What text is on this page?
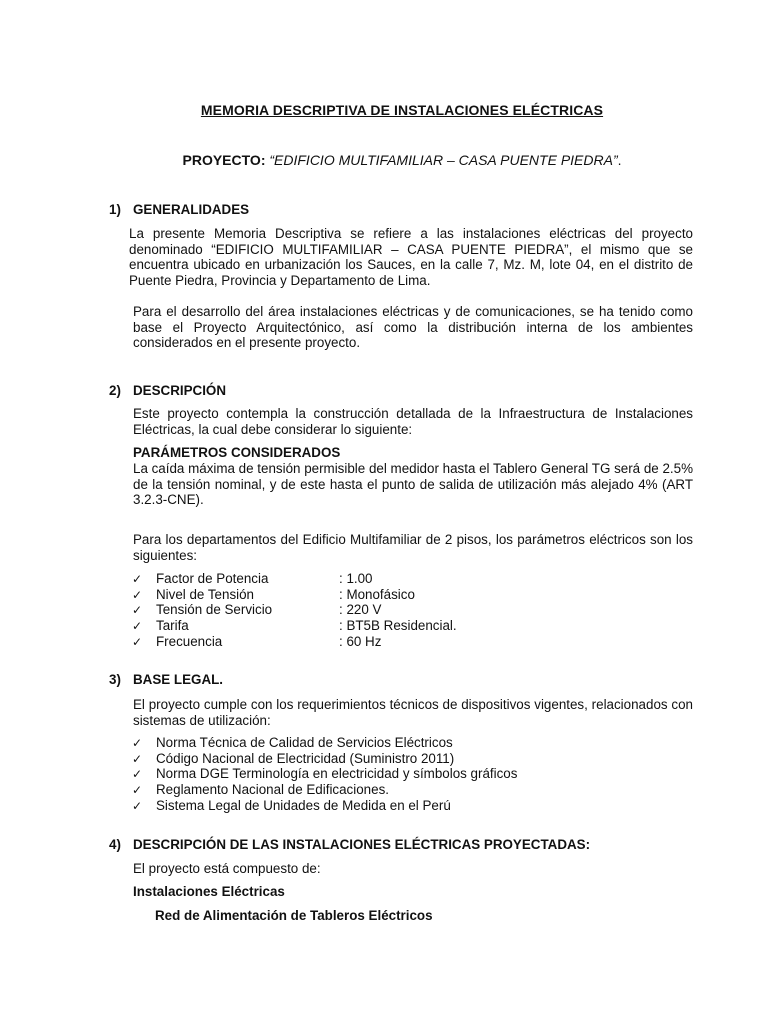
MEMORIA DESCRIPTIVA DE INSTALACIONES ELÉCTRICAS
PROYECTO: “EDIFICIO MULTIFAMILIAR – CASA PUENTE PIEDRA”.
1) GENERALIDADES
La presente Memoria Descriptiva se refiere a las instalaciones eléctricas del proyecto denominado “EDIFICIO MULTIFAMILIAR – CASA PUENTE PIEDRA”, el mismo que se encuentra ubicado en urbanización los Sauces, en la calle 7, Mz. M, lote 04, en el distrito de Puente Piedra, Provincia y Departamento de Lima.
Para el desarrollo del área instalaciones eléctricas y de comunicaciones, se ha tenido como base el Proyecto Arquitectónico, así como la distribución interna de los ambientes considerados en el presente proyecto.
2) DESCRIPCIÓN
Este proyecto contempla la construcción detallada de la Infraestructura de Instalaciones Eléctricas, la cual debe considerar lo siguiente:
PARÁMETROS CONSIDERADOS
La caída máxima de tensión permisible del medidor hasta el Tablero General TG será de 2.5% de la tensión nominal, y de este hasta el punto de salida de utilización más alejado 4% (ART 3.2.3-CNE).
Para los departamentos del Edificio Multifamiliar de 2 pisos, los parámetros eléctricos son los siguientes:
✓ Factor de Potencia	: 1.00
✓ Nivel de Tensión	: Monofásico
✓ Tensión de Servicio	: 220 V
✓ Tarifa	: BT5B Residencial.
✓ Frecuencia	: 60 Hz
3) BASE LEGAL.
El proyecto cumple con los requerimientos técnicos de dispositivos vigentes, relacionados con sistemas de utilización:
✓ Norma Técnica de Calidad de Servicios Eléctricos
✓ Código Nacional de Electricidad (Suministro 2011)
✓ Norma DGE Terminología en electricidad y símbolos gráficos
✓ Reglamento Nacional de Edificaciones.
✓ Sistema Legal de Unidades de Medida en el Perú
4) DESCRIPCIÓN DE LAS INSTALACIONES ELÉCTRICAS PROYECTADAS:
El proyecto está compuesto de:
Instalaciones Eléctricas
Red de Alimentación de Tableros Eléctricos
